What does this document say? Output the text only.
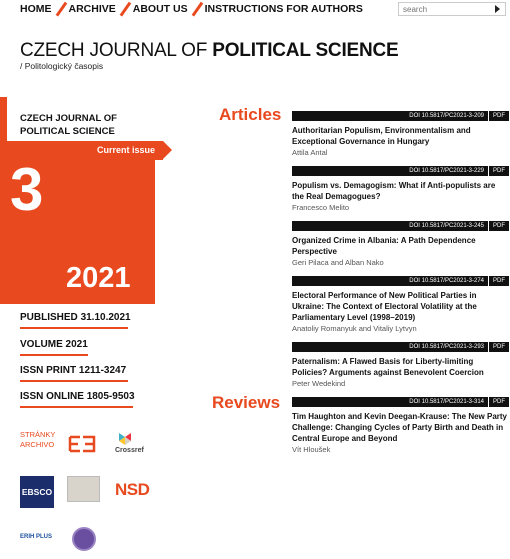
HOME ARCHIVE ABOUT US INSTRUCTIONS FOR AUTHORS
search
CZECH JOURNAL OF POLITICAL SCIENCE
/ Politologický časopis
CZECH JOURNAL OF POLITICAL SCIENCE
Current issue
3
2021
PUBLISHED 31.10.2021
VOLUME 2021
ISSN PRINT 1211-3247
ISSN ONLINE 1805-9503
STRÁNKY
ARCHIVO
Crossref
EBSCO	NSD
ERIH PLUS
Articles
Reviews
DOI 10.5817/PC2021-3-209	PDF
Authoritarian Populism, Environmentalism and Exceptional Governance in Hungary
Attila Antal
DOI 10.5817/PC2021-3-229	PDF
Populism vs. Demagogism: What if Anti-populists are the Real Demagogues?
Francesco Melito
DOI 10.5817/PC2021-3-245	PDF
Organized Crime in Albania: A Path Dependence Perspective
Geri Pilaca and Alban Nako
DOI 10.5817/PC2021-3-274	PDF
Electoral Performance of New Political Parties in Ukraine: The Context of Electoral Volatility at the Parliamentary Level (1998–2019)
Anatoliy Romanyuk and Vitaliy Lytvyn
DOI 10.5817/PC2021-3-293	PDF
Paternalism: A Flawed Basis for Liberty-limiting Policies? Arguments against Benevolent Coercion
Peter Wedekind
DOI 10.5817/PC2021-3-314	PDF
Tim Haughton and Kevin Deegan-Krause: The New Party Challenge: Changing Cycles of Party Birth and Death in Central Europe and Beyond
Vít Hloušek
